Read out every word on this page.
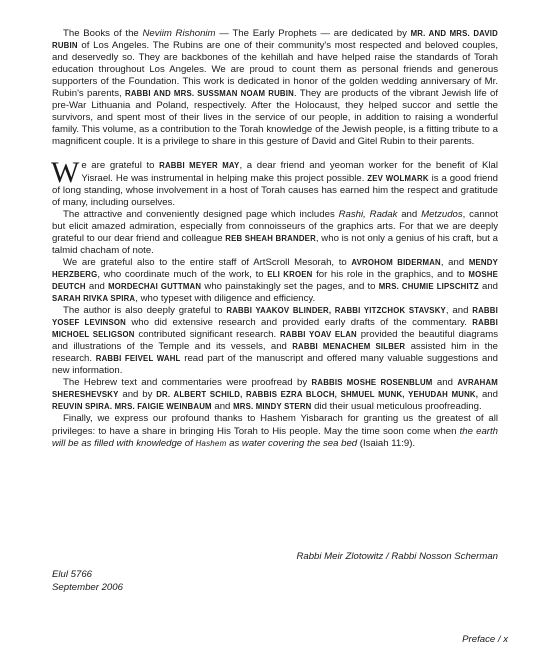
The Books of the Neviim Rishonim — The Early Prophets — are dedicated by MR. AND MRS. DAVID RUBIN of Los Angeles. The Rubins are one of their community's most respected and beloved couples, and deservedly so. They are backbones of the kehillah and have helped raise the standards of Torah education throughout Los Angeles. We are proud to count them as personal friends and generous supporters of the Foundation. This work is dedicated in honor of the golden wedding anniversary of Mr. Rubin's parents, RABBI AND MRS. SUSSMAN NOAM RUBIN. They are products of the vibrant Jewish life of pre-War Lithuania and Poland, respectively. After the Holocaust, they helped succor and settle the survivors, and spent most of their lives in the service of our people, in addition to raising a wonderful family. This volume, as a contribution to the Torah knowledge of the Jewish people, is a fitting tribute to a magnificent couple. It is a privilege to share in this gesture of David and Gitel Rubin to their parents.

We are grateful to RABBI MEYER MAY, a dear friend and yeoman worker for the benefit of Klal Yisrael. He was instrumental in helping make this project possible. ZEV WOLMARK is a good friend of long standing, whose involvement in a host of Torah causes has earned him the respect and gratitude of many, including ourselves.

The attractive and conveniently designed page which includes Rashi, Radak and Metzudos, cannot but elicit amazed admiration, especially from connoisseurs of the graphics arts. For that we are deeply grateful to our dear friend and colleague REB SHEAH BRANDER, who is not only a genius of his craft, but a talmid chacham of note.

We are grateful also to the entire staff of ArtScroll Mesorah, to AVROHOM BIDERMAN, and MENDY HERZBERG, who coordinate much of the work, to ELI KROEN for his role in the graphics, and to MOSHE DEUTCH and MORDECHAI GUTTMAN who painstakingly set the pages, and to MRS. CHUMIE LIPSCHITZ and SARAH RIVKA SPIRA, who typeset with diligence and efficiency.

The author is also deeply grateful to RABBI YAAKOV BLINDER, RABBI YITZCHOK STAVSKY, and RABBI YOSEF LEVINSON who did extensive research and provided early drafts of the commentary. RABBI MICHOEL SELIGSON contributed significant research. RABBI YOAV ELAN provided the beautiful diagrams and illustrations of the Temple and its vessels, and RABBI MENACHEM SILBER assisted him in the research. RABBI FEIVEL WAHL read part of the manuscript and offered many valuable suggestions and new information.

The Hebrew text and commentaries were proofread by RABBIS MOSHE ROSENBLUM and AVRAHAM SHERESHEVSKY and by DR. ALBERT SCHILD, RABBIS EZRA BLOCH, SHMUEL MUNK, YEHUDAH MUNK, and REUVIN SPIRA. MRS. FAIGIE WEINBAUM and MRS. MINDY STERN did their usual meticulous proofreading.

Finally, we express our profound thanks to Hashem Yisbarach for granting us the greatest of all privileges: to have a share in bringing His Torah to His people. May the time soon come when the earth will be as filled with knowledge of Hashem as water covering the sea bed (Isaiah 11:9).

Rabbi Meir Zlotowitz / Rabbi Nosson Scherman
Elul 5766
September 2006
Preface / x
